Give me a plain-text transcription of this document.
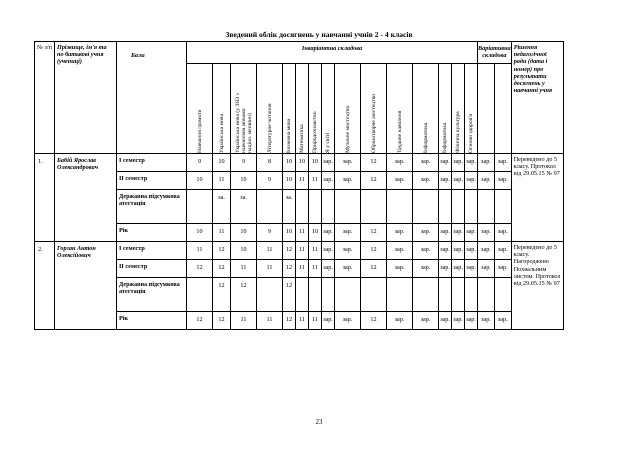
Зведений облік досягнень у навчанні учнів 2 - 4 класів
№ з/п	Прізвище, ім'я та по батькові учня (учениці)	Бали	Інваріантна складова															Варіативна складова		Рішення педагогічної ради (дата і номер) про результати досягнень у навчанні учня

			Навчання грамоти	Українська мова	Українська мова (у ЗНЗ з навчанням мовами націон. меншин)	Літературне читання	Іноземна мова	Математика	Природознавство	Я у світі	Музичне мистецтво	Образотворче мистецтво	Трудове навчання	Інформатика	Інформатика	Фізична культура	Основи здоров'я			

1.	Бабій Ярослав Олександрович	І семестр	9	10	9	8	10	10	10	зар.	зар.	12	зар.	зар.	зар.	зар.	зар.	зар.	зар.	Переведено до 5 класу. Протокол від 29.05.15 № 97
		ІІ семестр	10	11	10	9	10	11	11	зар.	зар.	12	зар.	зар.	зар.	зар.	зар.	зар.	зар.	
		Державна підсумкова атестація		за.	за.		за.													
		Рік	10	11	10	9	10	11	10	зар.	зар.	12	зар.	зар.	зар.	зар.	зар.	зар.	зар.	
2.	Горган Антон Олексійович	І семестр	11	12	10	11	12	11	11	зар.	зар.	12	зар.	зар.	зар.	зар.	зар.	зар.	зар.	Переведено до 5 класу. Нагороджено Похвальним листом. Протокол від 29.05.15 № 97
		ІІ семестр	12	12	11	11	12	11	11	зар.	зар.	12	зар.	зар.	зар.	зар.	зар.	зар.	зар.	
		Державна підсумкова атестація		12	12		12													
		Рік	12	12	11	11	12	11	11	зар.	зар.	12	зар.	зар.	зар.	зар.	зар.	зар.	зар.	
23
